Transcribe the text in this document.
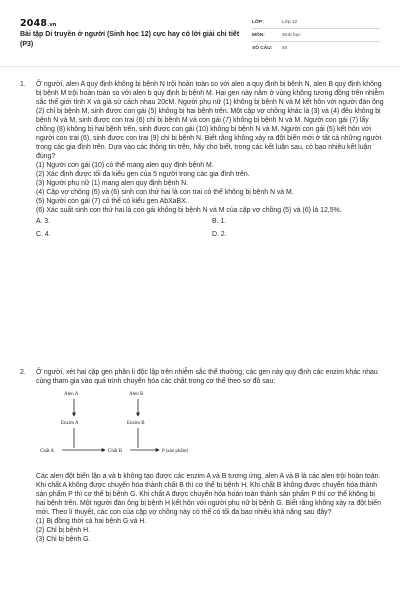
2048.vn
Bài tập Di truyền ở người (Sinh học 12) cực hay có lời giải chi tiết (P3)
LỚP:	Lớp 12
MÔN:	Sinh học
SỐ CÂU: 40
1.	Ở người, alen A quy định không bị bệnh N trội hoàn toàn so với alen a quy định bị bệnh N, alen B quy định không bị bệnh M trội hoàn toàn so với alen b quy định bị bệnh M. Hai gen này nằm ở vùng không tương đồng trên nhiễm sắc thể giới tính X và giả sử cách nhau 20cM. Người phụ nữ (1) không bị bệnh N và M kết hôn với người đàn ông (2) chỉ bị bệnh M, sinh được con gái (5) không bị hai bệnh trên. Một cặp vợ chồng khác là (3) và (4) đều không bị bệnh N và M, sinh được con trai (6) chỉ bị bệnh M và con gái (7) không bị bệnh N và M. Người con gái (7) lấy chồng (8) không bị hai bệnh trên, sinh được con gái (10) không bị bệnh N và M. Người con gái (5) kết hôn với người con trai (6), sinh được con trai (9) chỉ bị bệnh N. Biết rằng không xảy ra đột biến mới ở tất cả những người trong các gia đình trên. Dựa vào các thông tin trên, hãy cho biết, trong các kết luận sau, có bao nhiêu kết luận đúng?

(1) Người con gái (10) có thể mang alen quy định bệnh M.

(2) Xác định được tối đa kiểu gen của 5 người trong các gia đình trên.

(3) Người phụ nữ (1) mang alen quy định bệnh N.

(4) Cặp vợ chồng (5) và (6) sinh con thứ hai là con trai có thể không bị bệnh N và M.

(5) Người con gái (7) có thể có kiểu gen AbXaBX.

(6) Xác suất sinh con thứ hai là con gái không bị bệnh N và M của cặp vợ chồng (5) và (6) là 12,5%.

A. 3.	B. 1.
C. 4.	D. 2.
2.	Ở người, xét hai cặp gen phân li độc lập trên nhiễm sắc thể thường, các gen này quy định các enzim khác nhau cùng tham gia vào quá trình chuyển hóa các chất trong cơ thể theo sơ đồ sau:

Alen A	Alen B
Enzim A	Enzim B
Chất A	Chất B	P (sản phẩm)

Các alen đột biến lặn a và b không tạo được các enzim A và B tương ứng, alen A và B là các alen trội hoàn toàn. Khi chất A không được chuyển hóa thành chất B thì cơ thể bị bệnh H. Khi chất B không được chuyển hóa thành sản phẩm P thì cơ thể bị bệnh G. Khi chất A được chuyển hóa hoàn toàn thành sản phẩm P thì cơ thể không bị hai bệnh trên. Một người đàn ông bị bệnh H kết hôn với người phụ nữ bị bệnh G. Biết rằng không xảy ra đột biến mới. Theo lí thuyết, các con của cặp vợ chồng này có thể có tối đa bao nhiêu khả năng sau đây?

(1) Bị đồng thời cả hai bệnh G và H.

(2) Chỉ bị bệnh H.

(3) Chỉ bị bệnh G.
